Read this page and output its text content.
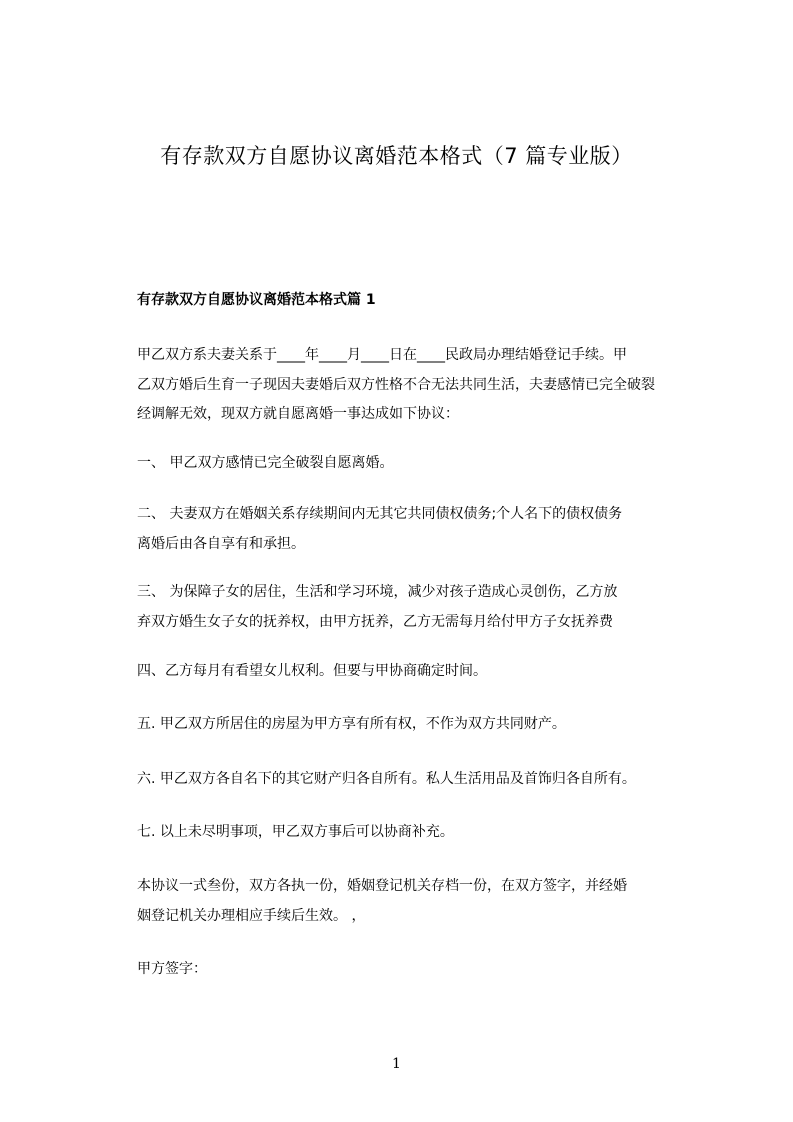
有存款双方自愿协议离婚范本格式（7 篇专业版）
有存款双方自愿协议离婚范本格式篇 1
甲乙双方系夫妻关系于____年____月____日在____民政局办理结婚登记手续。甲
乙双方婚后生育一子现因夫妻婚后双方性格不合无法共同生活，夫妻感情已完全破裂
经调解无效，现双方就自愿离婚一事达成如下协议：
一、 甲乙双方感情已完全破裂自愿离婚。
二、 夫妻双方在婚姻关系存续期间内无其它共同债权债务;个人名下的债权债务
离婚后由各自享有和承担。
三、 为保障子女的居住，生活和学习环境，减少对孩子造成心灵创伤，乙方放
弃双方婚生女子女的抚养权，由甲方抚养，乙方无需每月给付甲方子女抚养费
四、乙方每月有看望女儿权利。但要与甲协商确定时间。
五. 甲乙双方所居住的房屋为甲方享有所有权，不作为双方共同财产。
六. 甲乙双方各自名下的其它财产归各自所有。私人生活用品及首饰归各自所有。
七. 以上未尽明事项，甲乙双方事后可以协商补充。
本协议一式叁份，双方各执一份，婚姻登记机关存档一份，在双方签字，并经婚
姻登记机关办理相应手续后生效。 ，
甲方签字：
1
